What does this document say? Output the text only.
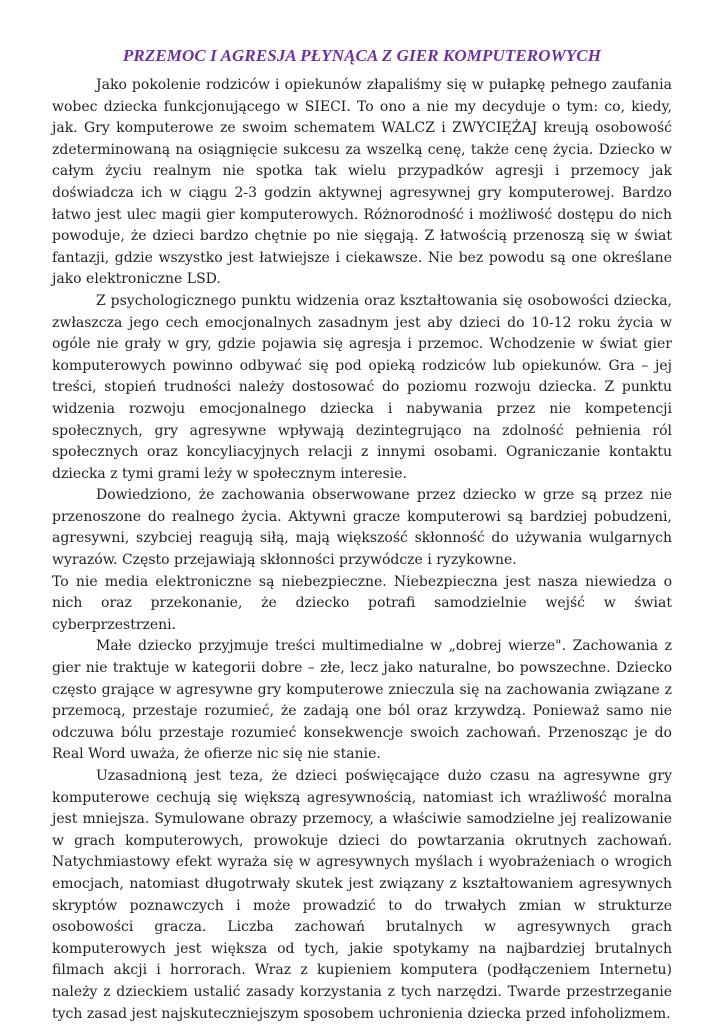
PRZEMOC I AGRESJA PŁYNĄCA Z GIER KOMPUTEROWYCH

Jako pokolenie rodziców i opiekunów złapaliśmy się w pułapkę pełnego zaufania wobec dziecka funkcjonującego w SIECI. To ono a nie my decyduje o tym: co, kiedy, jak. Gry komputerowe ze swoim schematem WALCZ i ZWYCIĘŻAJ kreują osobowość zdeterminowaną na osiągnięcie sukcesu za wszelką cenę, także cenę życia. Dziecko w całym życiu realnym nie spotka tak wielu przypadków agresji i przemocy jak doświadcza ich w ciągu 2-3 godzin aktywnej agresywnej gry komputerowej. Bardzo łatwo jest ulec magii gier komputerowych. Różnorodność i możliwość dostępu do nich powoduje, że dzieci bardzo chętnie po nie sięgają. Z łatwością przenoszą się w świat fantazji, gdzie wszystko jest łatwiejsze i ciekawsze. Nie bez powodu są one określane jako elektroniczne LSD.

Z psychologicznego punktu widzenia oraz kształtowania się osobowości dziecka, zwłaszcza jego cech emocjonalnych zasadnym jest aby dzieci do 10-12 roku życia w ogóle nie grały w gry, gdzie pojawia się agresja i przemoc. Wchodzenie w świat gier komputerowych powinno odbywać się pod opieką rodziców lub opiekunów. Gra – jej treści, stopień trudności należy dostosować do poziomu rozwoju dziecka. Z punktu widzenia rozwoju emocjonalnego dziecka i nabywania przez nie kompetencji społecznych, gry agresywne wpływają dezintegrująco na zdolność pełnienia ról społecznych oraz koncyliacyjnych relacji z innymi osobami. Ograniczanie kontaktu dziecka z tymi grami leży w społecznym interesie.

Dowiedziono, że zachowania obserwowane przez dziecko w grze są przez nie przenoszone do realnego życia. Aktywni gracze komputerowi są bardziej pobudzeni, agresywni, szybciej reagują siłą, mają większość skłonność do używania wulgarnych wyrazów. Często przejawiają skłonności przywódcze i ryzykowne.

To nie media elektroniczne są niebezpieczne. Niebezpieczna jest nasza niewiedza o nich oraz przekonanie, że dziecko potrafi samodzielnie wejść w świat cyberprzestrzeni.

Małe dziecko przyjmuje treści multimedialne w „dobrej wierze". Zachowania z gier nie traktuje w kategorii dobre – złe, lecz jako naturalne, bo powszechne. Dziecko często grające w agresywne gry komputerowe znieczula się na zachowania związane z przemocą, przestaje rozumieć, że zadają one ból oraz krzywdzą. Ponieważ samo nie odczuwa bólu przestaje rozumieć konsekwencje swoich zachowań. Przenosząc je do Real Word uważa, że ofierze nic się nie stanie.

Uzasadnioną jest teza, że dzieci poświęcające dużo czasu na agresywne gry komputerowe cechują się większą agresywnością, natomiast ich wrażliwość moralna jest mniejsza. Symulowane obrazy przemocy, a właściwie samodzielne jej realizowanie w grach komputerowych, prowokuje dzieci do powtarzania okrutnych zachowań. Natychmiastowy efekt wyraża się w agresywnych myślach i wyobrażeniach o wrogich emocjach, natomiast długotrwały skutek jest związany z kształtowaniem agresywnych skryptów poznawczych i może prowadzić to do trwałych zmian w strukturze osobowości gracza. Liczba zachowań brutalnych w agresywnych grach komputerowych jest większa od tych, jakie spotykamy na najbardziej brutalnych filmach akcji i horrorach. Wraz z kupieniem komputera (podłączeniem Internetu) należy z dzieckiem ustalić zasady korzystania z tych narzędzi. Twarde przestrzeganie tych zasad jest najskuteczniejszym sposobem uchronienia dziecka przed infoholizmem.
